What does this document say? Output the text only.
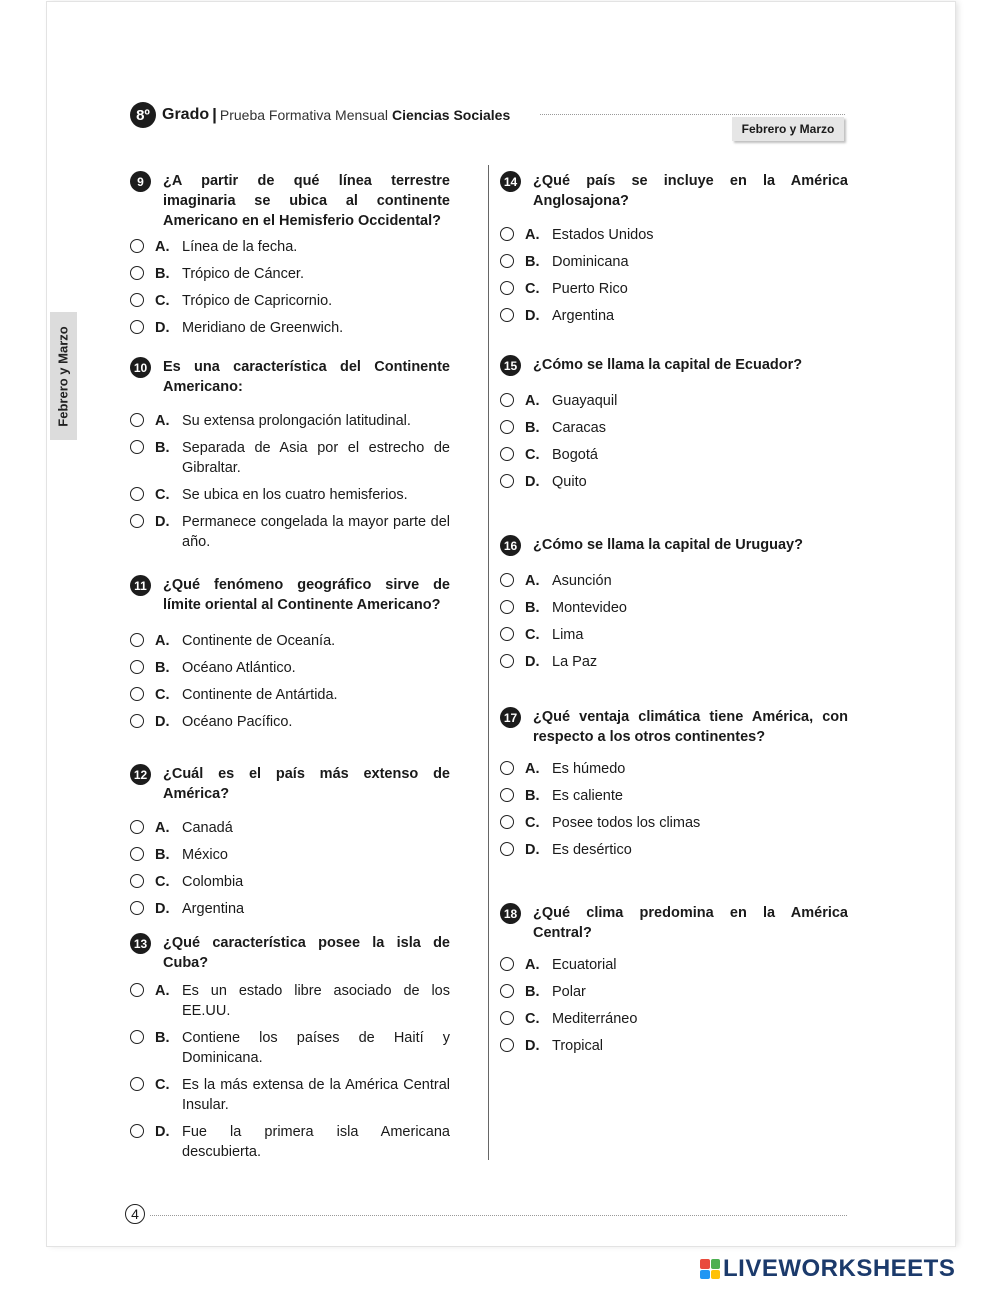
Febrero y Marzo
8º Grado | Prueba Formativa Mensual Ciencias Sociales
Febrero y Marzo
9	¿A partir de qué línea terrestre imaginaria se ubica al continente Americano en el Hemisferio Occidental?
A. Línea de la fecha.
B. Trópico de Cáncer.
C. Trópico de Capricornio.
D. Meridiano de Greenwich.
10 Es una característica del Continente Americano:
A. Su extensa prolongación latitudinal.
B. Separada de Asia por el estrecho de Gibraltar.
C. Se ubica en los cuatro hemisferios.
D. Permanece congelada la mayor parte del año.
11 ¿Qué fenómeno geográfico sirve de límite oriental al Continente Americano?
A. Continente de Oceanía.
B. Océano Atlántico.
C. Continente de Antártida.
D. Océano Pacífico.
12 ¿Cuál es el país más extenso de América?
A. Canadá
B. México
C. Colombia
D. Argentina
13 ¿Qué característica posee la isla de Cuba?
A. Es un estado libre asociado de los EE.UU.
B. Contiene los países de Haití y Dominicana.
C. Es la más extensa de la América Central Insular.
D. Fue la primera isla Americana descubierta.
14 ¿Qué país se incluye en la América Anglosajona?
A. Estados Unidos
B. Dominicana
C. Puerto Rico
D. Argentina
15 ¿Cómo se llama la capital de Ecuador?
A. Guayaquil
B. Caracas
C. Bogotá
D. Quito
16 ¿Cómo se llama la capital de Uruguay?
A. Asunción
B. Montevideo
C. Lima
D. La Paz
17 ¿Qué ventaja climática tiene América, con respecto a los otros continentes?
A. Es húmedo
B. Es caliente
C. Posee todos los climas
D. Es desértico
18 ¿Qué clima predomina en la América Central?
A. Ecuatorial
B. Polar
C. Mediterráneo
D. Tropical
4
LIVEWORKSHEETS
